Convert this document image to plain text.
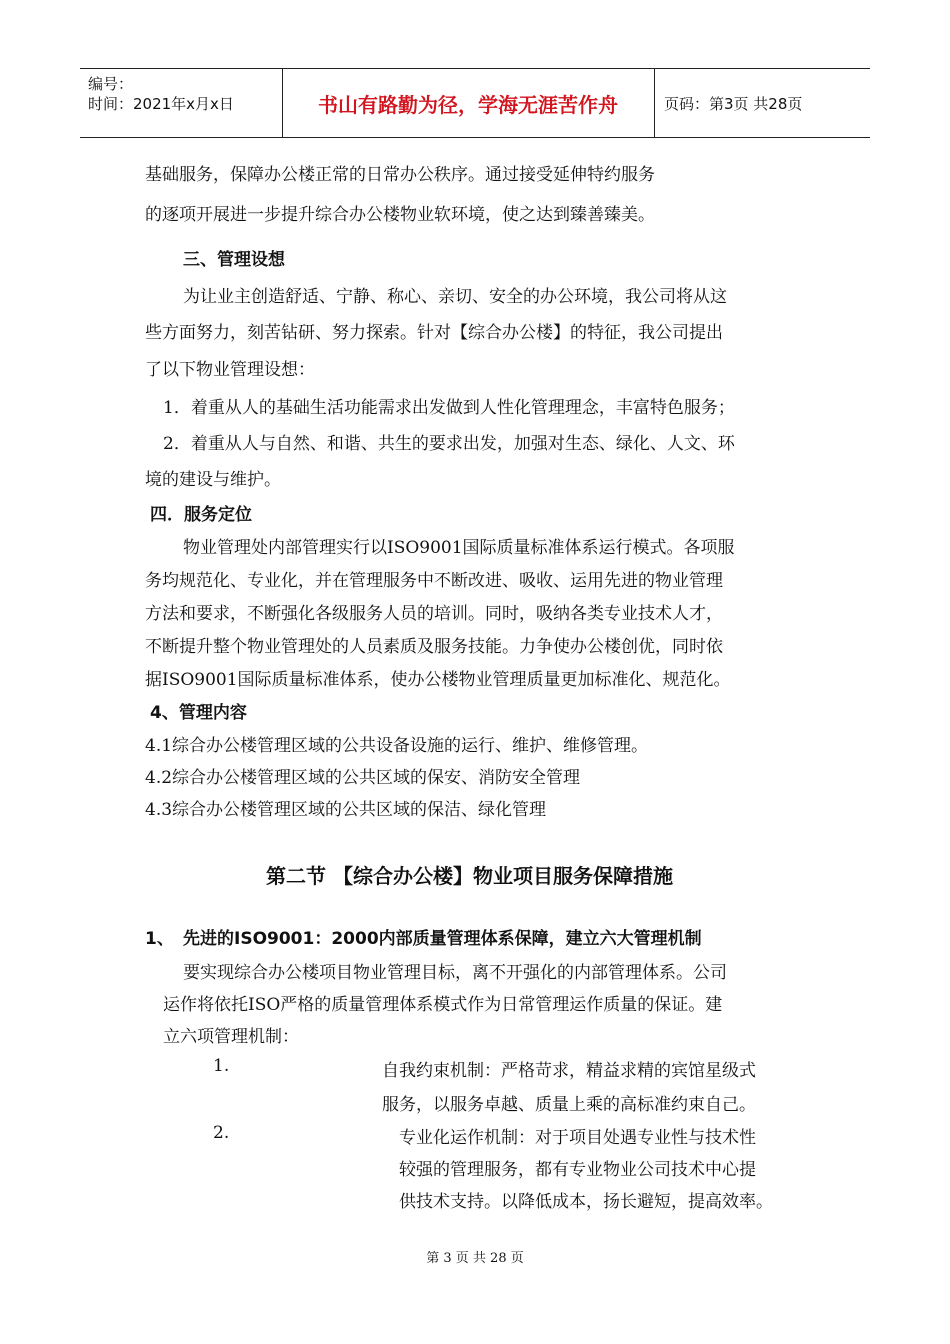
编号：
时间：2021年x月x日	书山有路勤为径，学海无涯苦作舟	页码：第3页 共28页
基础服务，保障办公楼正常的日常办公秩序。通过接受延伸特约服务
的逐项开展进一步提升综合办公楼物业软环境，使之达到臻善臻美。
三、管理设想
为让业主创造舒适、宁静、称心、亲切、安全的办公环境，我公司将从这
些方面努力，刻苦钻研、努力探索。针对【综合办公楼】的特征，我公司提出
了以下物业管理设想：
1．着重从人的基础生活功能需求出发做到人性化管理理念，丰富特色服务；
2．着重从人与自然、和谐、共生的要求出发，加强对生态、绿化、人文、环
境的建设与维护。
四．服务定位
物业管理处内部管理实行以ISO9001国际质量标准体系运行模式。各项服
务均规范化、专业化，并在管理服务中不断改进、吸收、运用先进的物业管理
方法和要求，不断强化各级服务人员的培训。同时，吸纳各类专业技术人才，
不断提升整个物业管理处的人员素质及服务技能。力争使办公楼创优，同时依
据ISO9001国际质量标准体系，使办公楼物业管理质量更加标准化、规范化。
4、管理内容
4.1综合办公楼管理区域的公共设备设施的运行、维护、维修管理。
4.2综合办公楼管理区域的公共区域的保安、消防安全管理
4.3综合办公楼管理区域的公共区域的保洁、绿化管理
第二节 【综合办公楼】物业项目服务保障措施
1、 先进的ISO9001：2000内部质量管理体系保障，建立六大管理机制
要实现综合办公楼项目物业管理目标，离不开强化的内部管理体系。公司
运作将依托ISO严格的质量管理体系模式作为日常管理运作质量的保证。建
立六项管理机制：
1.	自我约束机制：严格苛求，精益求精的宾馆星级式
服务，以服务卓越、质量上乘的高标准约束自己。
2.	专业化运作机制：对于项目处遇专业性与技术性
较强的管理服务，都有专业物业公司技术中心提
供技术支持。以降低成本，扬长避短，提高效率。
第 3 页 共 28 页
